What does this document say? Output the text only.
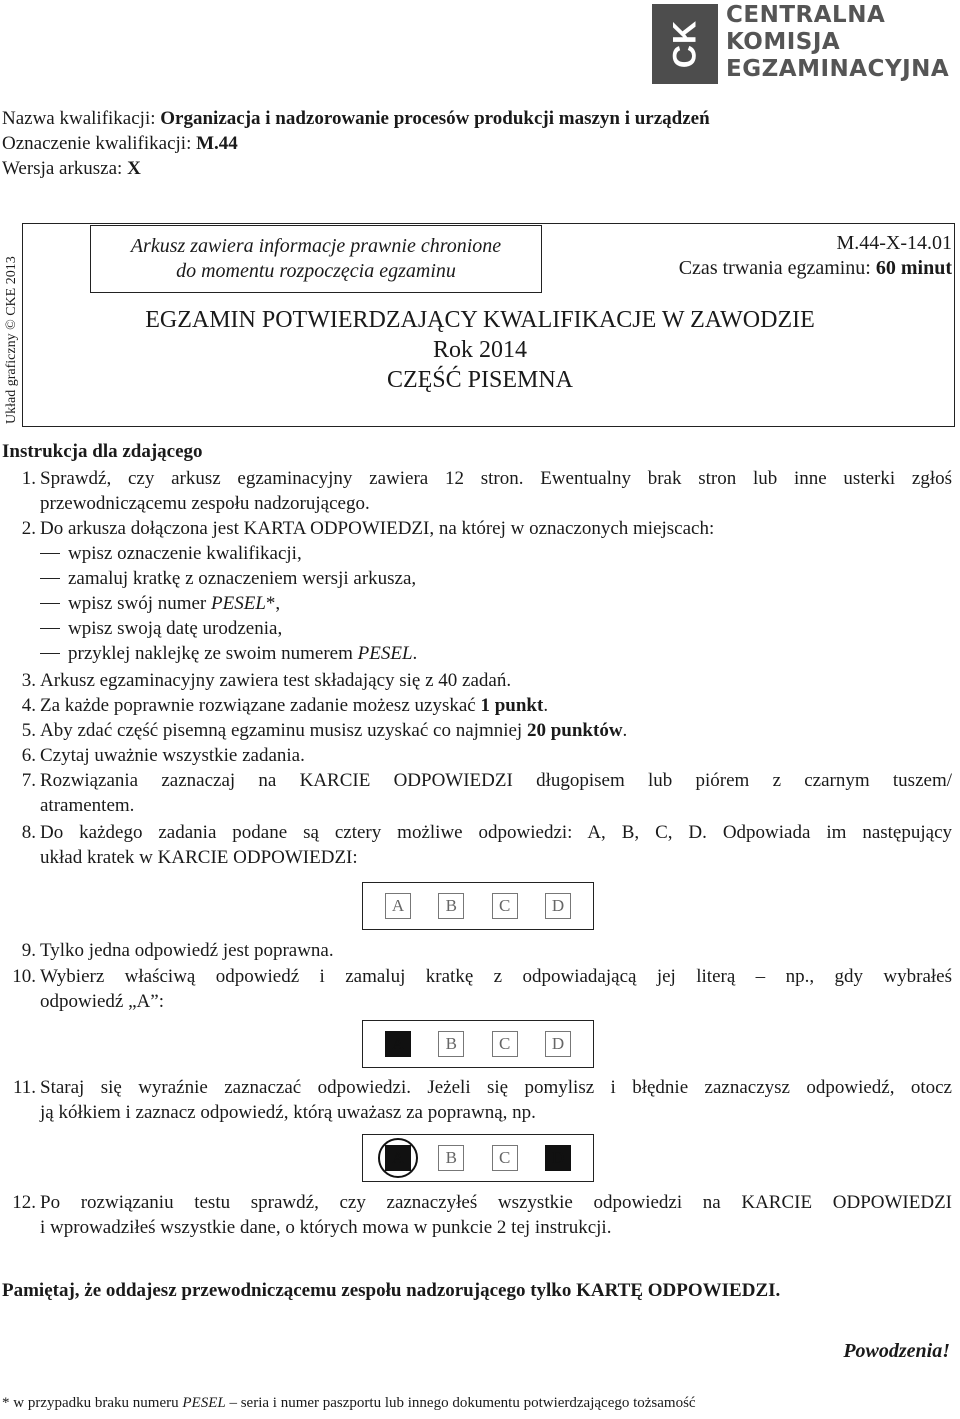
CK
CENTRALNA
KOMISJA
EGZAMINACYJNA
Nazwa kwalifikacji: Organizacja i nadzorowanie procesów produkcji maszyn i urządzeń
Oznaczenie kwalifikacji: M.44
Wersja arkusza: X
Układ graficzny © CKE 2013
Arkusz zawiera informacje prawnie chronione
do momentu rozpoczęcia egzaminu
M.44-X-14.01
Czas trwania egzaminu: 60 minut
EGZAMIN POTWIERDZAJĄCY KWALIFIKACJE W ZAWODZIE
Rok 2014
CZĘŚĆ PISEMNA
Instrukcja dla zdającego
1. Sprawdź, czy arkusz egzaminacyjny zawiera 12 stron. Ewentualny brak stron lub inne usterki zgłoś
przewodniczącemu zespołu nadzorującego.
2. Do arkusza dołączona jest KARTA ODPOWIEDZI, na której w oznaczonych miejscach:
wpisz oznaczenie kwalifikacji,
zamaluj kratkę z oznaczeniem wersji arkusza,
wpisz swój numer PESEL*,
wpisz swoją datę urodzenia,
przyklej naklejkę ze swoim numerem PESEL.
3. Arkusz egzaminacyjny zawiera test składający się z 40 zadań.
4. Za każde poprawnie rozwiązane zadanie możesz uzyskać 1 punkt.
5. Aby zdać część pisemną egzaminu musisz uzyskać co najmniej 20 punktów.
6. Czytaj uważnie wszystkie zadania.
7. Rozwiązania zaznaczaj na KARCIE ODPOWIEDZI długopisem lub piórem z czarnym tuszem/
atramentem.
8. Do każdego zadania podane są cztery możliwe odpowiedzi: A, B, C, D. Odpowiada im następujący
układ kratek w KARCIE ODPOWIEDZI:
A	B	C	D
9. Tylko jedna odpowiedź jest poprawna.
10. Wybierz właściwą odpowiedź i zamaluj kratkę z odpowiadającą jej literą – np., gdy wybrałeś
odpowiedź „A”:
A	B	C	D
11. Staraj się wyraźnie zaznaczać odpowiedzi. Jeżeli się pomylisz i błędnie zaznaczysz odpowiedź, otocz
ją kółkiem i zaznacz odpowiedź, którą uważasz za poprawną, np.
A	B	C	D
12. Po rozwiązaniu testu sprawdź, czy zaznaczyłeś wszystkie odpowiedzi na KARCIE ODPOWIEDZI
i wprowadziłeś wszystkie dane, o których mowa w punkcie 2 tej instrukcji.
Pamiętaj, że oddajesz przewodniczącemu zespołu nadzorującego tylko KARTĘ ODPOWIEDZI.
Powodzenia!
* w przypadku braku numeru PESEL – seria i numer paszportu lub innego dokumentu potwierdzającego tożsamość
